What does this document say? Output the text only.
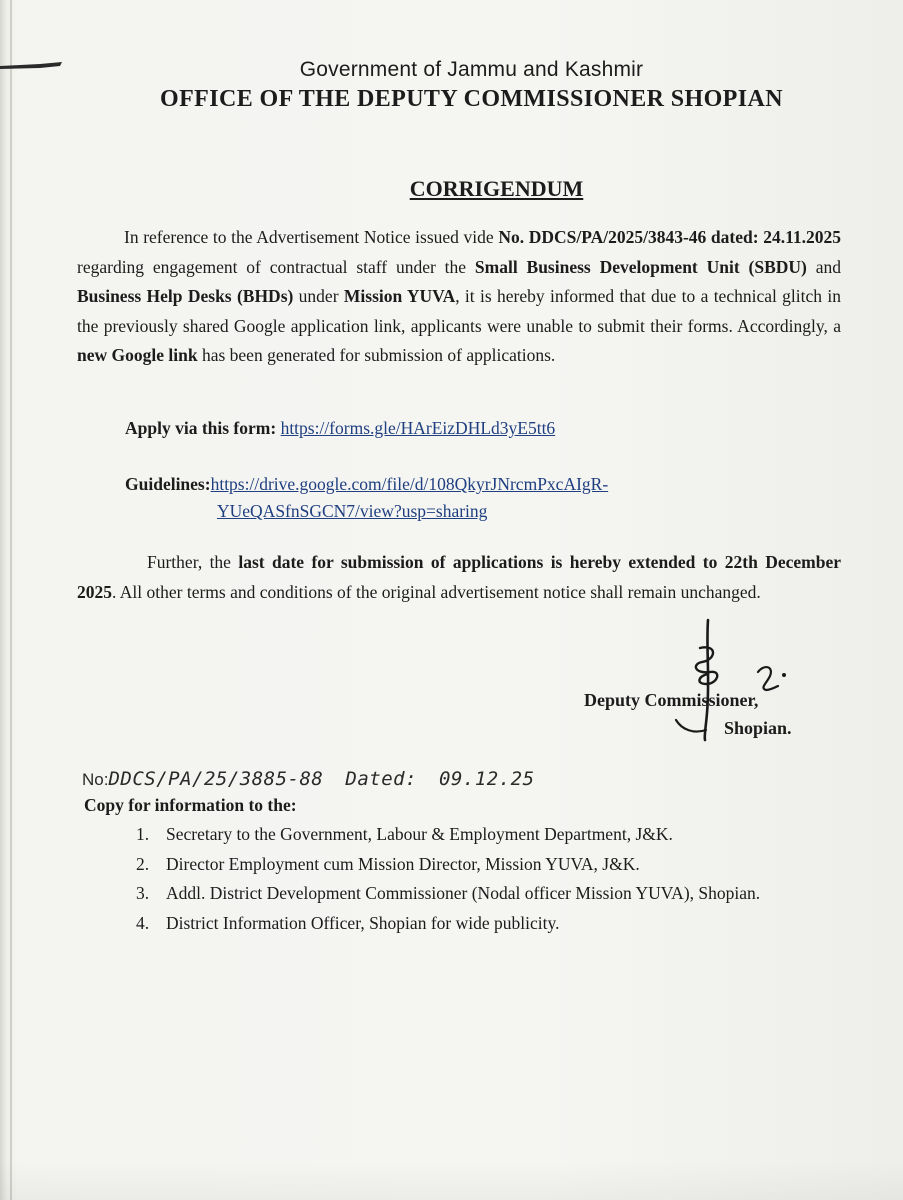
Government of Jammu and Kashmir
OFFICE OF THE DEPUTY COMMISSIONER SHOPIAN
CORRIGENDUM
In reference to the Advertisement Notice issued vide No. DDCS/PA/2025/3843-46 dated: 24.11.2025 regarding engagement of contractual staff under the Small Business Development Unit (SBDU) and Business Help Desks (BHDs) under Mission YUVA, it is hereby informed that due to a technical glitch in the previously shared Google application link, applicants were unable to submit their forms. Accordingly, a new Google link has been generated for submission of applications.
Apply via this form: https://forms.gle/HArEizDHLd3yE5tt6
Guidelines:https://drive.google.com/file/d/108QkyrJNrcmPxcAIgR-
YUeQASfnSGCN7/view?usp=sharing
Further, the last date for submission of applications is hereby extended to 22th December 2025. All other terms and conditions of the original advertisement notice shall remain unchanged.
Deputy Commissioner,
Shopian.
No:DDCS/PA/25/3885-88 Dated: 09.12.25
Copy for information to the:
1. Secretary to the Government, Labour & Employment Department, J&K.
2. Director Employment cum Mission Director, Mission YUVA, J&K.
3. Addl. District Development Commissioner (Nodal officer Mission YUVA), Shopian.
4. District Information Officer, Shopian for wide publicity.
